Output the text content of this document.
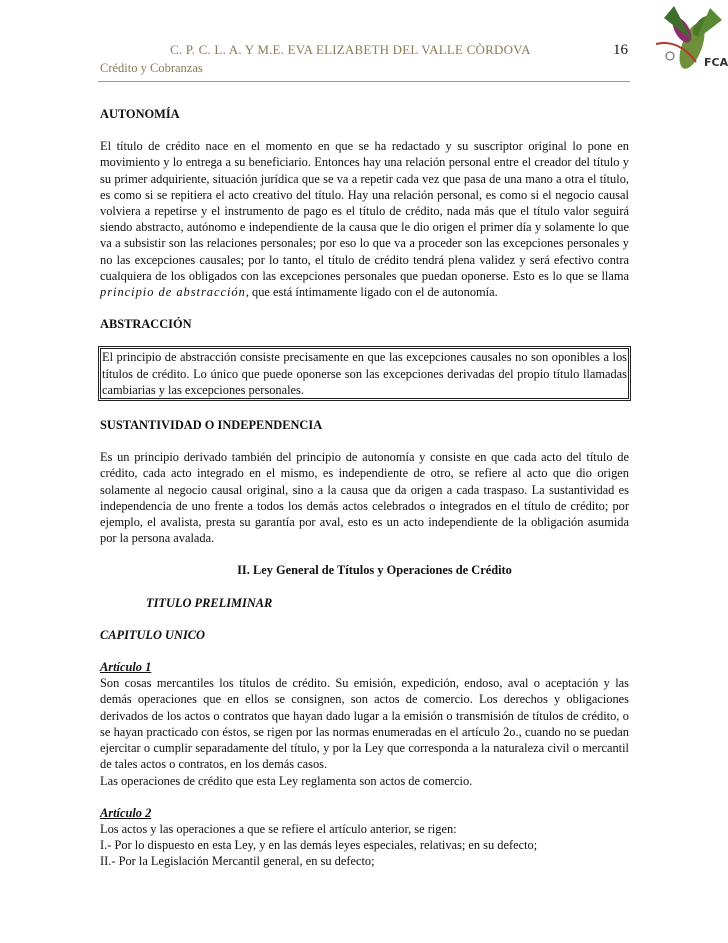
C. P. C. L. A. Y M.E. EVA ELIZABETH DEL VALLE CÒRDOVA
Crédito y Cobranzas
16
FCA
AUTONOMÍA
El título de crédito nace en el momento en que se ha redactado y su suscriptor original lo pone en movimiento y lo entrega a su beneficiario. Entonces hay una relación personal entre el creador del título y su primer adquiriente, situación jurídica que se va a repetir cada vez que pasa de una mano a otra el título, es como si se repitiera el acto creativo del título. Hay una relación personal, es como si el negocio causal volviera a repetirse y el instrumento de pago es el título de crédito, nada más que el título valor seguirá siendo abstracto, autónomo e independiente de la causa que le dio origen el primer día y solamente lo que va a subsistir son las relaciones personales; por eso lo que va a proceder son las excepciones personales y no las excepciones causales; por lo tanto, el título de crédito tendrá plena validez y será efectivo contra cualquiera de los obligados con las excepciones personales que puedan oponerse. Esto es lo que se llama principio de abstracción, que está íntimamente ligado con el de autonomía.
ABSTRACCIÓN
El principio de abstracción consiste precisamente en que las excepciones causales no son oponibles a los títulos de crédito. Lo único que puede oponerse son las excepciones derivadas del propio título llamadas cambiarias y las excepciones personales.
SUSTANTIVIDAD O INDEPENDENCIA
Es un principio derivado también del principio de autonomía y consiste en que cada acto del título de crédito, cada acto integrado en el mismo, es independiente de otro, se refiere al acto que dio origen solamente al negocio causal original, sino a la causa que da origen a cada traspaso. La sustantividad es independencia de uno frente a todos los demás actos celebrados o integrados en el título de crédito; por ejemplo, el avalista, presta su garantía por aval, esto es un acto independiente de la obligación asumida por la persona avalada.
II. Ley General de Títulos y Operaciones de Crédito
TITULO PRELIMINAR
CAPITULO UNICO
Artículo 1
Son cosas mercantiles los títulos de crédito. Su emisión, expedición, endoso, aval o aceptación y las demás operaciones que en ellos se consignen, son actos de comercio. Los derechos y obligaciones derivados de los actos o contratos que hayan dado lugar a la emisión o transmisión de títulos de crédito, o se hayan practicado con éstos, se rigen por las normas enumeradas en el artículo 2o., cuando no se puedan ejercitar o cumplir separadamente del título, y por la Ley que corresponda a la naturaleza civil o mercantil de tales actos o contratos, en los demás casos.
Las operaciones de crédito que esta Ley reglamenta son actos de comercio.
Artículo 2
Los actos y las operaciones a que se refiere el artículo anterior, se rigen:
I.- Por lo dispuesto en esta Ley, y en las demás leyes especiales, relativas; en su defecto;
II.- Por la Legislación Mercantil general, en su defecto;
